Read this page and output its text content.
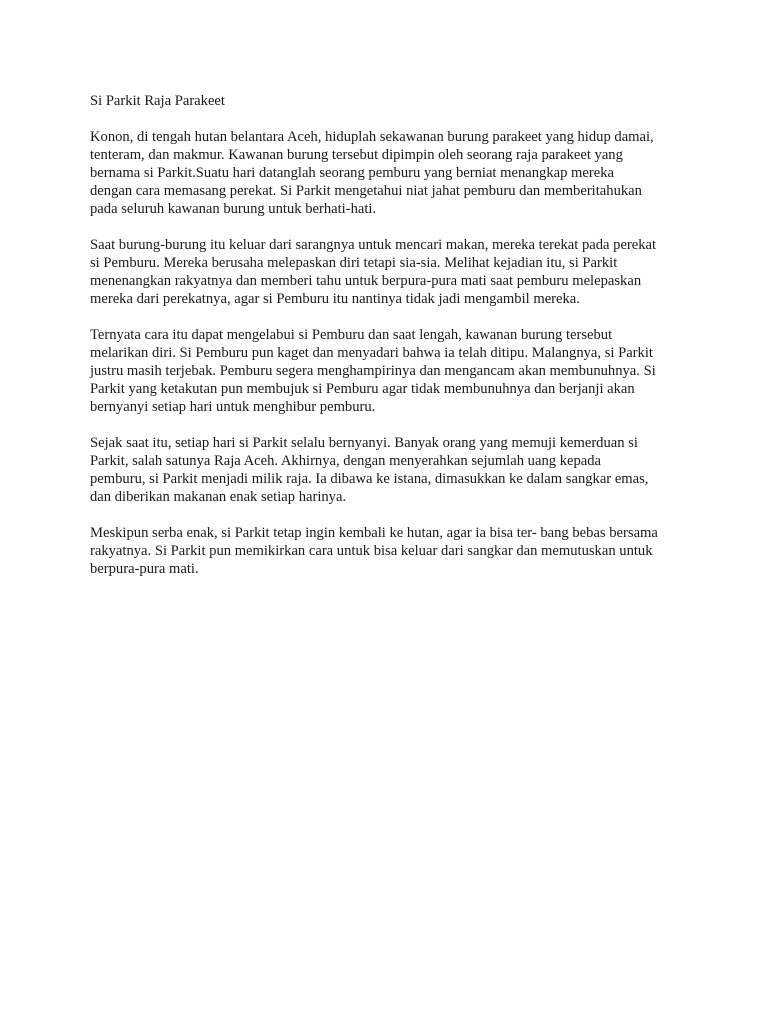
Si Parkit Raja Parakeet
Konon, di tengah hutan belantara Aceh, hiduplah sekawanan burung parakeet yang hidup damai,
tenteram, dan makmur. Kawanan burung tersebut dipimpin oleh seorang raja parakeet yang
bernama si Parkit.Suatu hari datanglah seorang pemburu yang berniat menangkap mereka
dengan cara memasang perekat. Si Parkit mengetahui niat jahat pemburu dan memberitahukan
pada seluruh kawanan burung untuk berhati-hati.
Saat burung-burung itu keluar dari sarangnya untuk mencari makan, mereka terekat pada perekat
si Pemburu. Mereka berusaha melepaskan diri tetapi sia-sia. Melihat kejadian itu, si Parkit
menenangkan rakyatnya dan memberi tahu untuk berpura-pura mati saat pemburu melepaskan
mereka dari perekatnya, agar si Pemburu itu nantinya tidak jadi mengambil mereka.
Ternyata cara itu dapat mengelabui si Pemburu dan saat lengah, kawanan burung tersebut
melarikan diri. Si Pemburu pun kaget dan menyadari bahwa ia telah ditipu. Malangnya, si Parkit
justru masih terjebak. Pemburu segera menghampirinya dan mengancam akan membunuhnya. Si
Parkit yang ketakutan pun membujuk si Pemburu agar tidak membunuhnya dan berjanji akan
bernyanyi setiap hari untuk menghibur pemburu.
Sejak saat itu, setiap hari si Parkit selalu bernyanyi. Banyak orang yang memuji kemerduan si
Parkit, salah satunya Raja Aceh. Akhirnya, dengan menyerahkan sejumlah uang kepada
pemburu, si Parkit menjadi milik raja. Ia dibawa ke istana, dimasukkan ke dalam sangkar emas,
dan diberikan makanan enak setiap harinya.
Meskipun serba enak, si Parkit tetap ingin kembali ke hutan, agar ia bisa ter- bang bebas bersama
rakyatnya. Si Parkit pun memikirkan cara untuk bisa keluar dari sangkar dan memutuskan untuk
berpura-pura mati.
